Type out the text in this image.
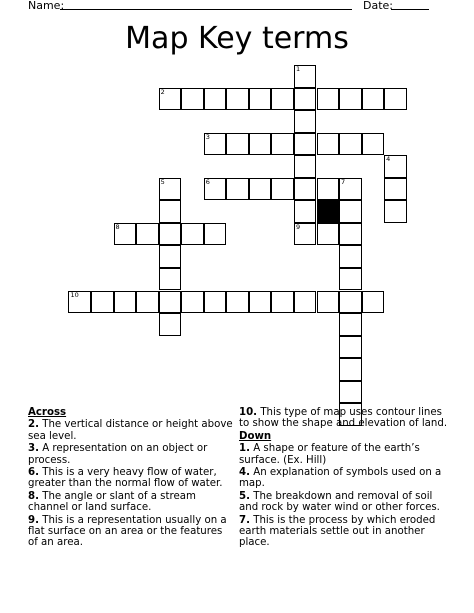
Name:	Date:
Map Key terms
1
2
3
4
5	6	7
8	9
10
Across
2. The vertical distance or height above sea level.
3. A representation on an object or process.
6. This is a very heavy flow of water, greater than the normal flow of water.
8. The angle or slant of a stream channel or land surface.
9. This is a representation usually on a flat surface on an area or the features of an area.
10. This type of map uses contour lines to show the shape and elevation of land.
Down
1. A shape or feature of the earth’s surface. (Ex. Hill)
4. An explanation of symbols used on a map.
5. The breakdown and removal of soil and rock by water wind or other forces.
7. This is the process by which eroded earth materials settle out in another place.
